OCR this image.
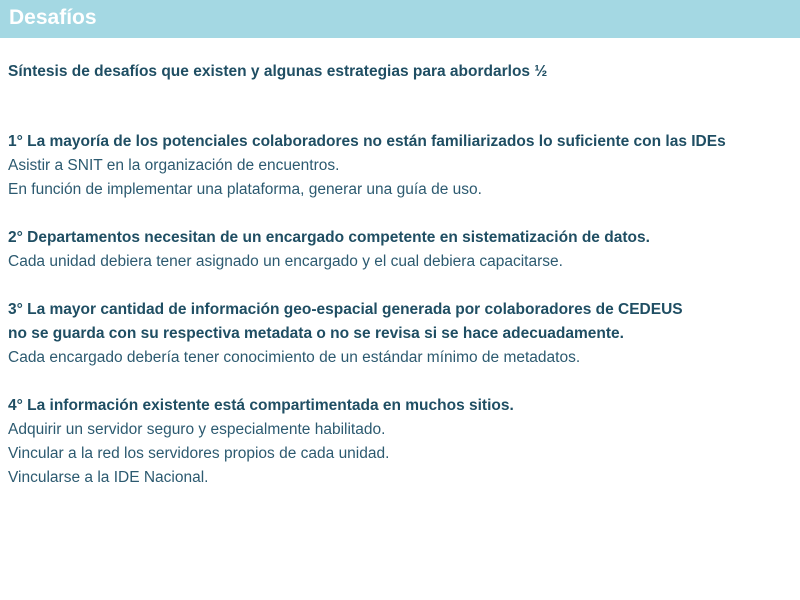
Desafíos

Síntesis de desafíos que existen y algunas estrategias para abordarlos ½

1° La mayoría de los potenciales colaboradores no están familiarizados lo suficiente con las IDEs

Asistir a SNIT en la organización de encuentros.

En función de implementar una plataforma, generar una guía de uso.

2° Departamentos necesitan de un encargado competente en sistematización de datos.

Cada unidad debiera tener asignado un encargado y el cual debiera capacitarse.

3° La mayor cantidad de información geo-espacial generada por colaboradores de CEDEUS

no se guarda con su respectiva metadata o no se revisa si se hace adecuadamente.

Cada encargado debería tener conocimiento de un estándar mínimo de metadatos.

4° La información existente está compartimentada en muchos sitios.

Adquirir un servidor seguro y especialmente habilitado.

Vincular a la red los servidores propios de cada unidad.

Vincularse a la IDE Nacional.
